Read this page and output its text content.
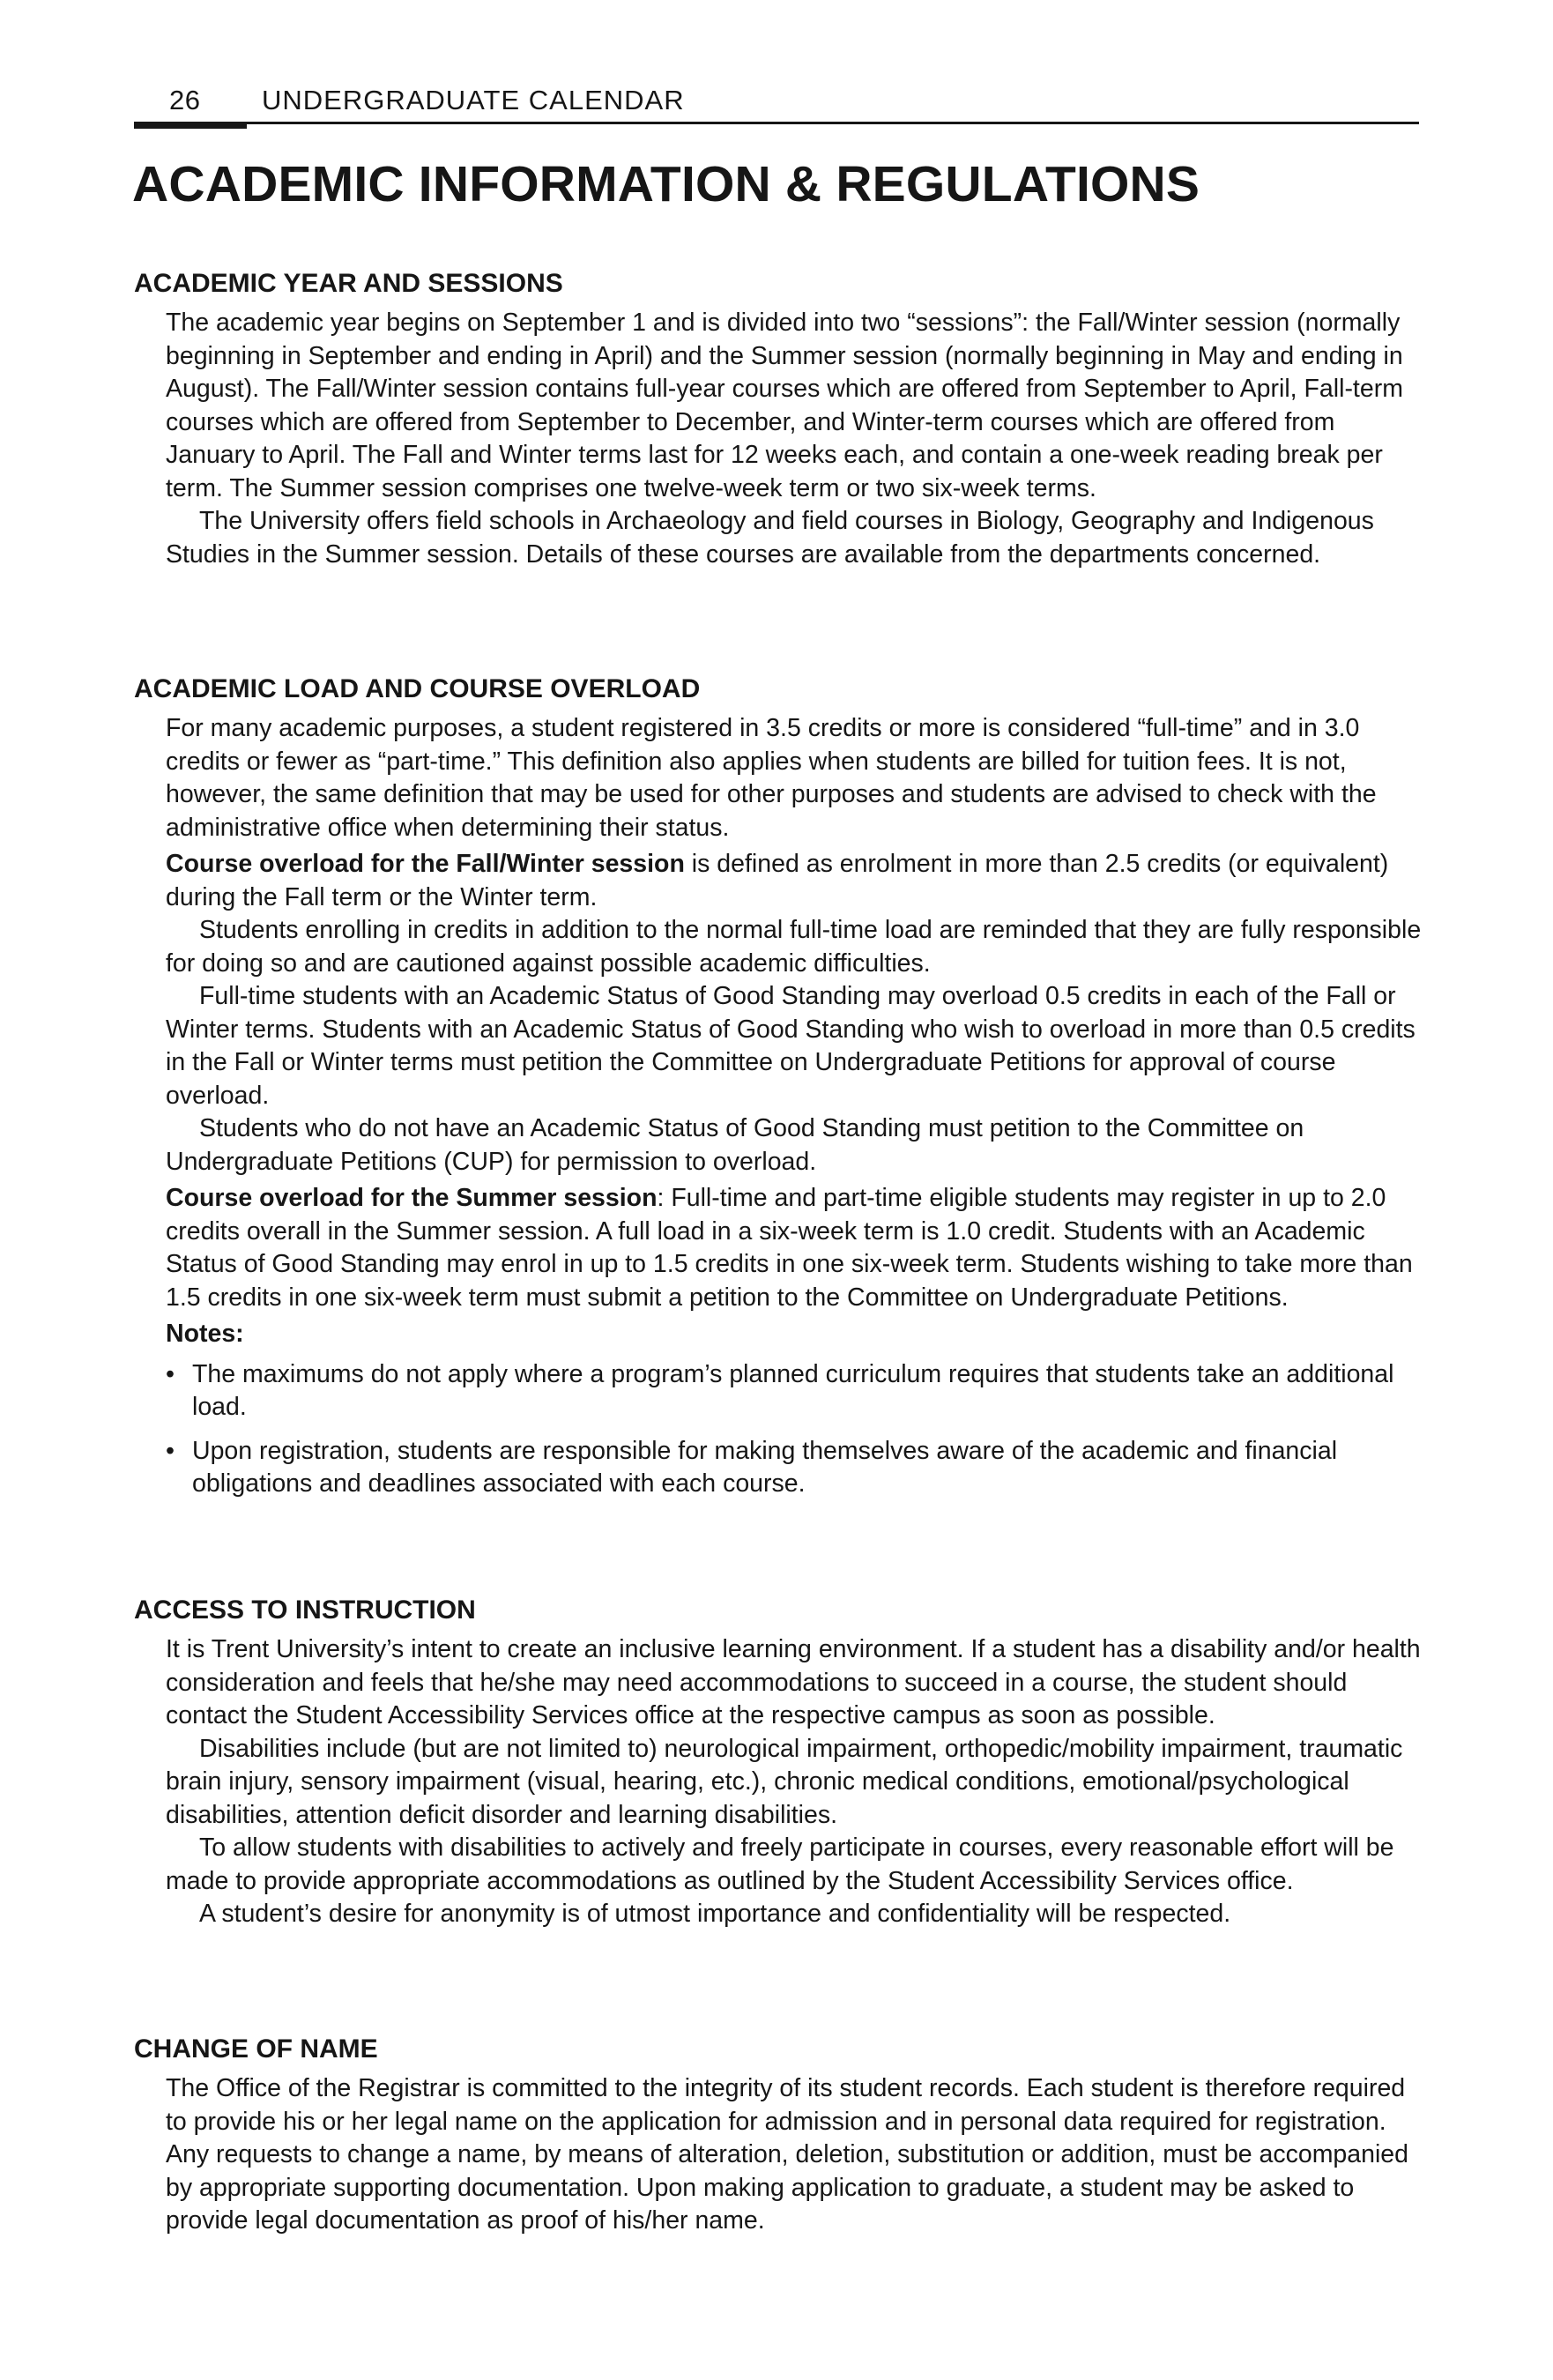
26 UNDERGRADUATE CALENDAR
ACADEMIC INFORMATION & REGULATIONS
ACADEMIC YEAR AND SESSIONS

The academic year begins on September 1 and is divided into two “sessions”: the Fall/Winter session (normally beginning in September and ending in April) and the Summer session (normally beginning in May and ending in August). The Fall/Winter session contains full-year courses which are offered from September to April, Fall-term courses which are offered from September to December, and Winter-term courses which are offered from January to April. The Fall and Winter terms last for 12 weeks each, and contain a one-week reading break per term. The Summer session comprises one twelve-week term or two six-week terms.

The University offers field schools in Archaeology and field courses in Biology, Geography and Indigenous Studies in the Summer session. Details of these courses are available from the departments concerned.

ACADEMIC LOAD AND COURSE OVERLOAD

For many academic purposes, a student registered in 3.5 credits or more is considered “full-time” and in 3.0 credits or fewer as “part-time.” This definition also applies when students are billed for tuition fees. It is not, however, the same definition that may be used for other purposes and students are advised to check with the administrative office when determining their status.

Course overload for the Fall/Winter session is defined as enrolment in more than 2.5 credits (or equivalent) during the Fall term or the Winter term.

Students enrolling in credits in addition to the normal full-time load are reminded that they are fully responsible for doing so and are cautioned against possible academic difficulties.

Full-time students with an Academic Status of Good Standing may overload 0.5 credits in each of the Fall or Winter terms. Students with an Academic Status of Good Standing who wish to overload in more than 0.5 credits in the Fall or Winter terms must petition the Committee on Undergraduate Petitions for approval of course overload.

Students who do not have an Academic Status of Good Standing must petition to the Committee on Undergraduate Petitions (CUP) for permission to overload.

Course overload for the Summer session: Full-time and part-time eligible students may register in up to 2.0 credits overall in the Summer session. A full load in a six-week term is 1.0 credit. Students with an Academic Status of Good Standing may enrol in up to 1.5 credits in one six-week term. Students wishing to take more than 1.5 credits in one six-week term must submit a petition to the Committee on Undergraduate Petitions.

Notes:

• The maximums do not apply where a program’s planned curriculum requires that students take an additional load.

• Upon registration, students are responsible for making themselves aware of the academic and financial obligations and deadlines associated with each course.

ACCESS TO INSTRUCTION

It is Trent University’s intent to create an inclusive learning environment. If a student has a disability and/or health consideration and feels that he/she may need accommodations to succeed in a course, the student should contact the Student Accessibility Services office at the respective campus as soon as possible.

Disabilities include (but are not limited to) neurological impairment, orthopedic/mobility impairment, traumatic brain injury, sensory impairment (visual, hearing, etc.), chronic medical conditions, emotional/psychological disabilities, attention deficit disorder and learning disabilities.

To allow students with disabilities to actively and freely participate in courses, every reasonable effort will be made to provide appropriate accommodations as outlined by the Student Accessibility Services office.

A student’s desire for anonymity is of utmost importance and confidentiality will be respected.

CHANGE OF NAME

The Office of the Registrar is committed to the integrity of its student records. Each student is therefore required to provide his or her legal name on the application for admission and in personal data required for registration. Any requests to change a name, by means of alteration, deletion, substitution or addition, must be accompanied by appropriate supporting documentation. Upon making application to graduate, a student may be asked to provide legal documentation as proof of his/her name.
